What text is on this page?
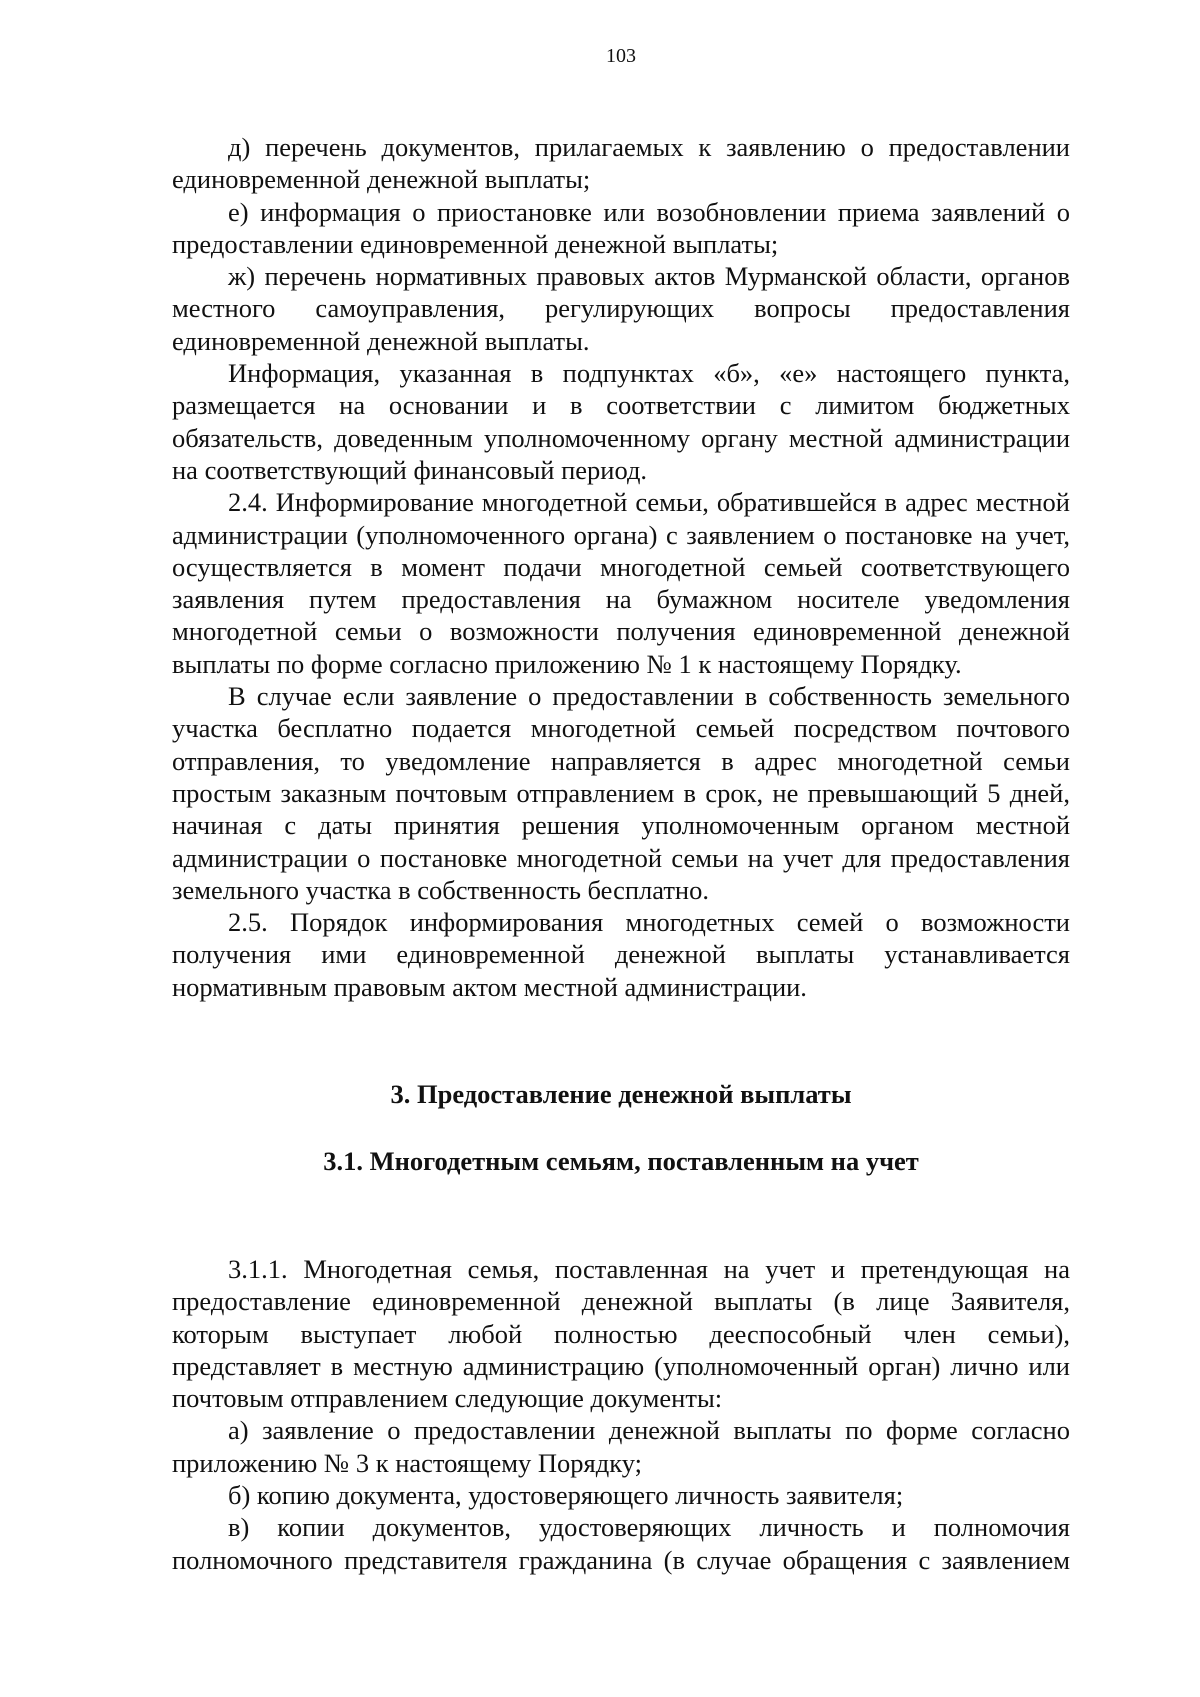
103

д) перечень документов, прилагаемых к заявлению о предоставлении единовременной денежной выплаты;

е) информация о приостановке или возобновлении приема заявлений о предоставлении единовременной денежной выплаты;

ж) перечень нормативных правовых актов Мурманской области, органов местного самоуправления, регулирующих вопросы предоставления единовременной денежной выплаты.

Информация, указанная в подпунктах «б», «е» настоящего пункта, размещается на основании и в соответствии с лимитом бюджетных обязательств, доведенным уполномоченному органу местной администрации на соответствующий финансовый период.

2.4. Информирование многодетной семьи, обратившейся в адрес местной администрации (уполномоченного органа) с заявлением о постановке на учет, осуществляется в момент подачи многодетной семьей соответствующего заявления путем предоставления на бумажном носителе уведомления многодетной семьи о возможности получения единовременной денежной выплаты по форме согласно приложению № 1 к настоящему Порядку.

В случае если заявление о предоставлении в собственность земельного участка бесплатно подается многодетной семьей посредством почтового отправления, то уведомление направляется в адрес многодетной семьи простым заказным почтовым отправлением в срок, не превышающий 5 дней, начиная с даты принятия решения уполномоченным органом местной администрации о постановке многодетной семьи на учет для предоставления земельного участка в собственность бесплатно.

2.5. Порядок информирования многодетных семей о возможности получения ими единовременной денежной выплаты устанавливается нормативным правовым актом местной администрации.

3. Предоставление денежной выплаты
3.1. Многодетным семьям, поставленным на учет

3.1.1. Многодетная семья, поставленная на учет и претендующая на предоставление единовременной денежной выплаты (в лице Заявителя, которым выступает любой полностью дееспособный член семьи), представляет в местную администрацию (уполномоченный орган) лично или почтовым отправлением следующие документы:

а) заявление о предоставлении денежной выплаты по форме согласно приложению № 3 к настоящему Порядку;

б) копию документа, удостоверяющего личность заявителя;

в) копии документов, удостоверяющих личность и полномочия полномочного представителя гражданина (в случае обращения с заявлением
